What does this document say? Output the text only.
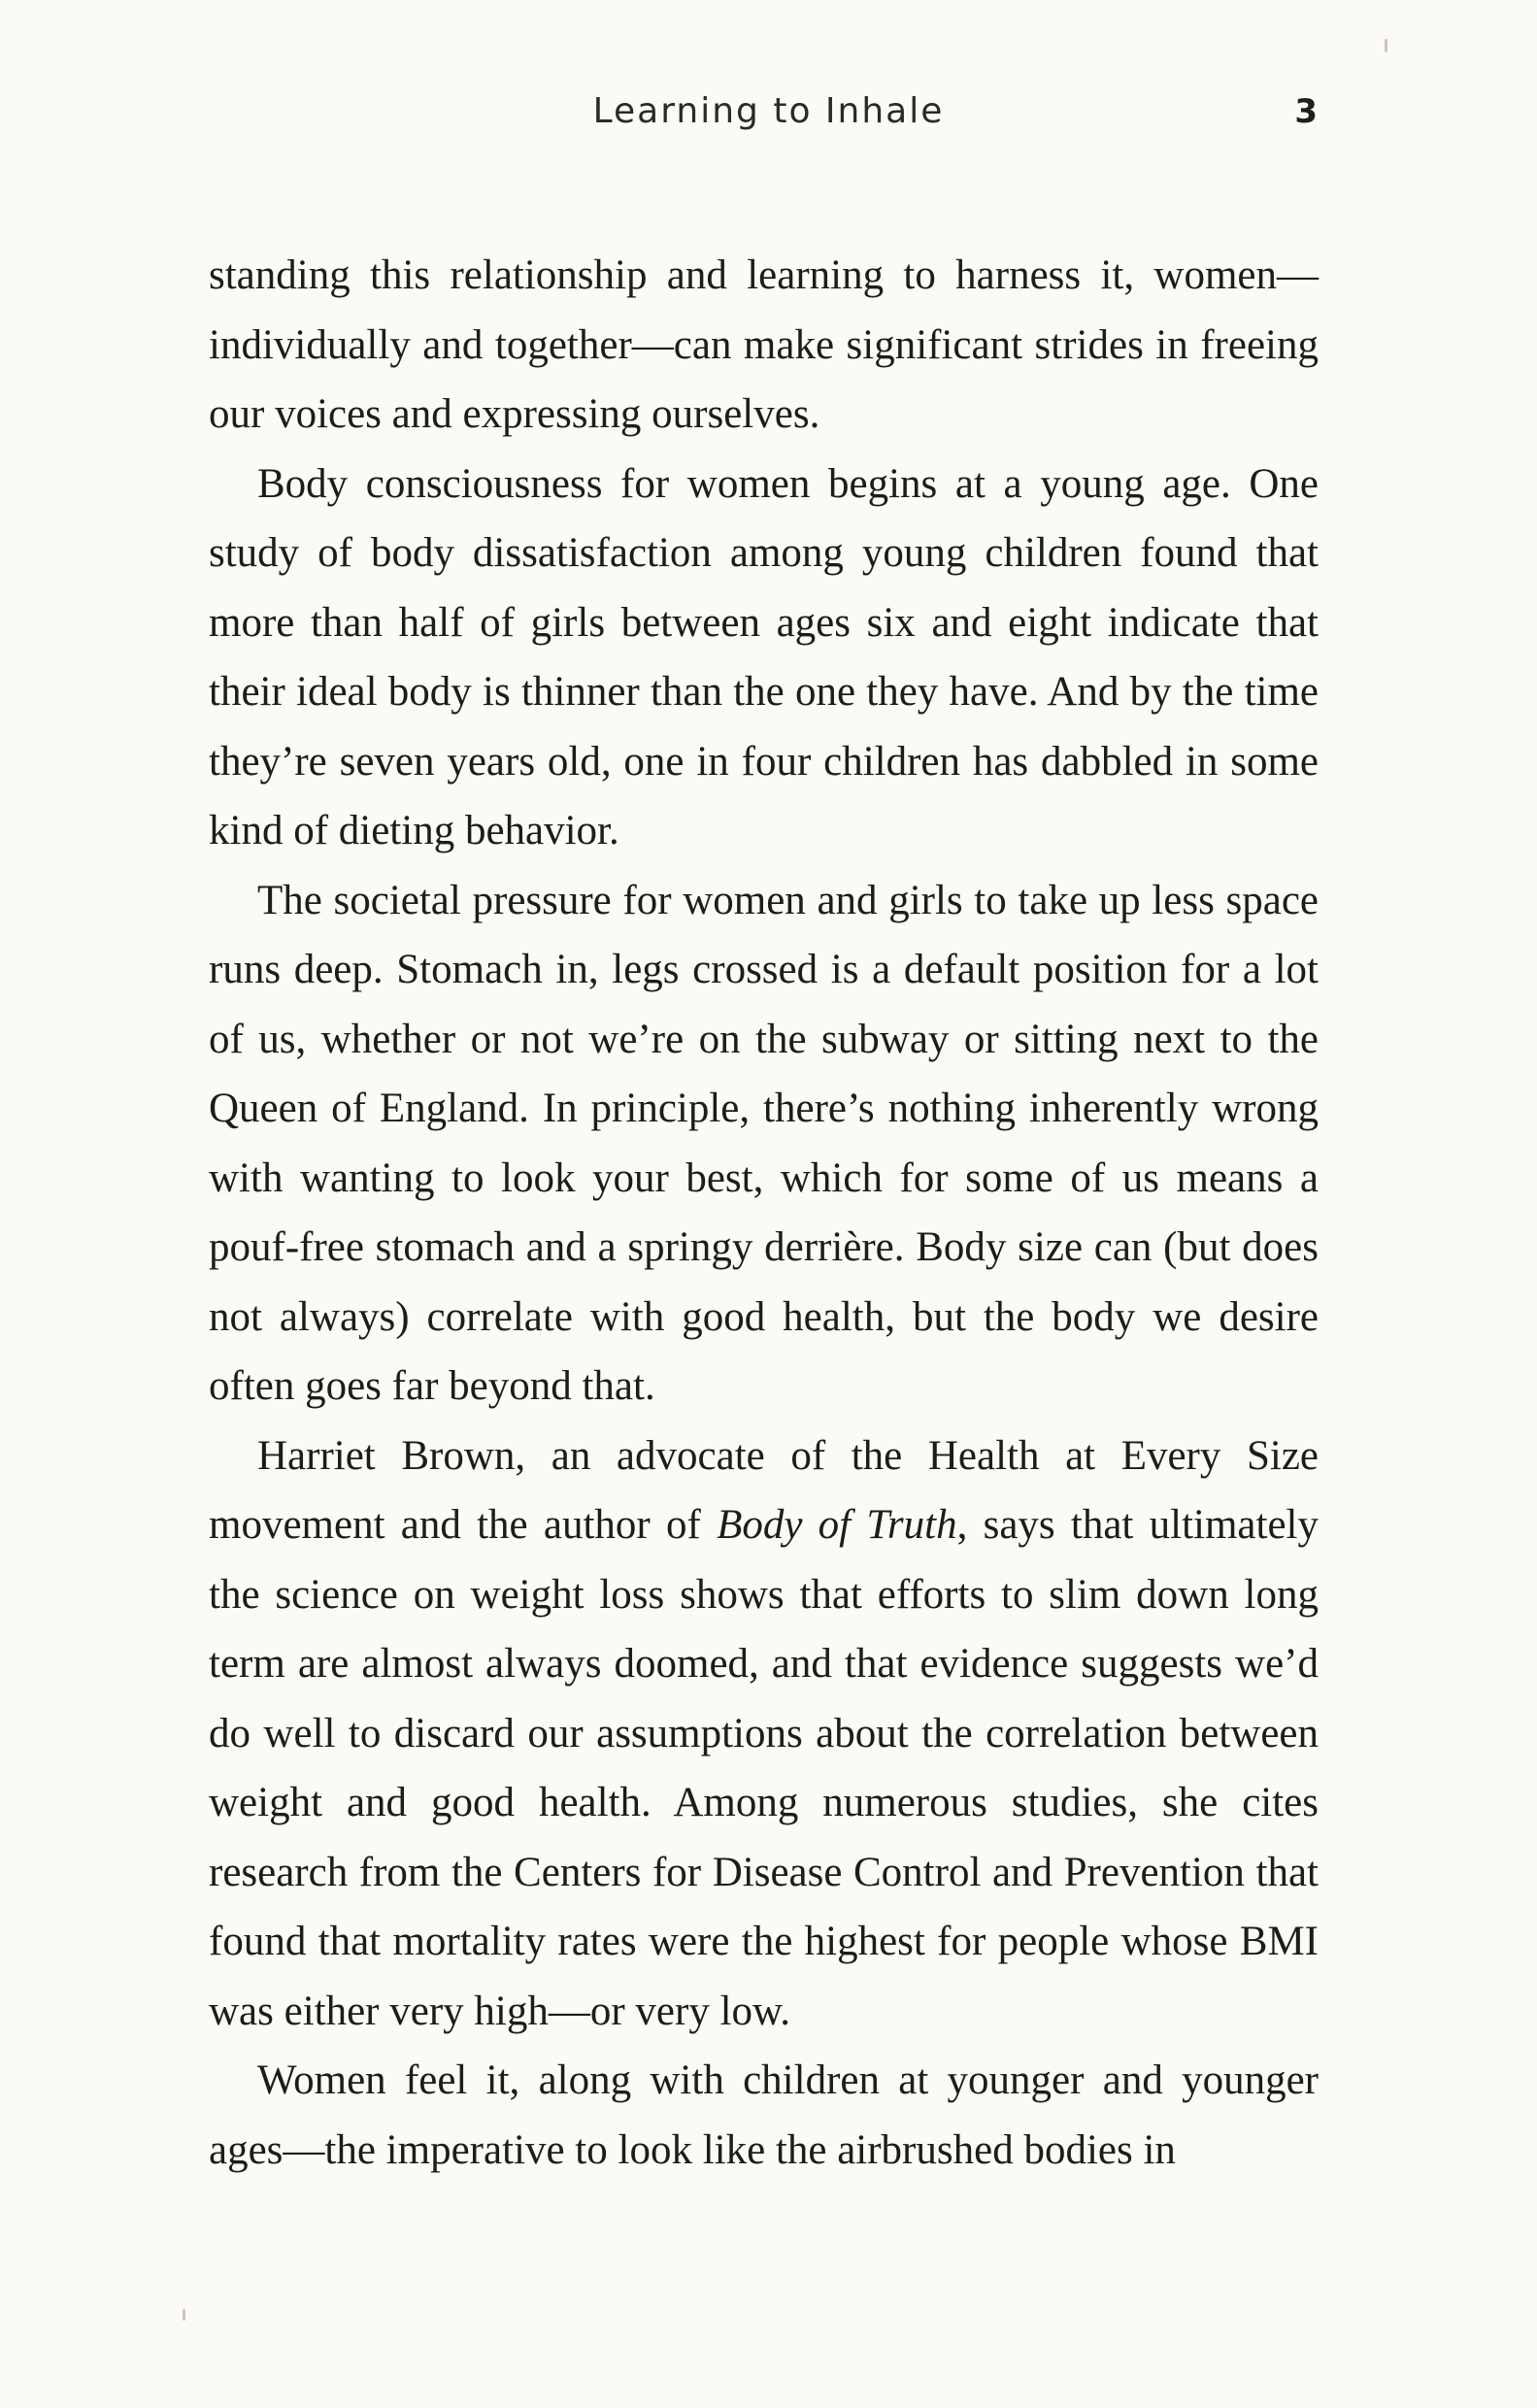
Learning to Inhale	3

standing this relationship and learning to harness it, women—individually and together—can make significant strides in freeing our voices and expressing ourselves.

Body consciousness for women begins at a young age. One study of body dissatisfaction among young children found that more than half of girls between ages six and eight indicate that their ideal body is thinner than the one they have. And by the time they’re seven years old, one in four children has dabbled in some kind of dieting behavior.

The societal pressure for women and girls to take up less space runs deep. Stomach in, legs crossed is a default position for a lot of us, whether or not we’re on the subway or sitting next to the Queen of England. In principle, there’s nothing inherently wrong with wanting to look your best, which for some of us means a pouf-free stomach and a springy derrière. Body size can (but does not always) correlate with good health, but the body we desire often goes far beyond that.

Harriet Brown, an advocate of the Health at Every Size movement and the author of Body of Truth, says that ultimately the science on weight loss shows that efforts to slim down long term are almost always doomed, and that evidence suggests we’d do well to discard our assumptions about the correlation between weight and good health. Among numerous studies, she cites research from the Centers for Disease Control and Prevention that found that mortality rates were the highest for people whose BMI was either very high—or very low.

Women feel it, along with children at younger and younger ages—the imperative to look like the airbrushed bodies in
